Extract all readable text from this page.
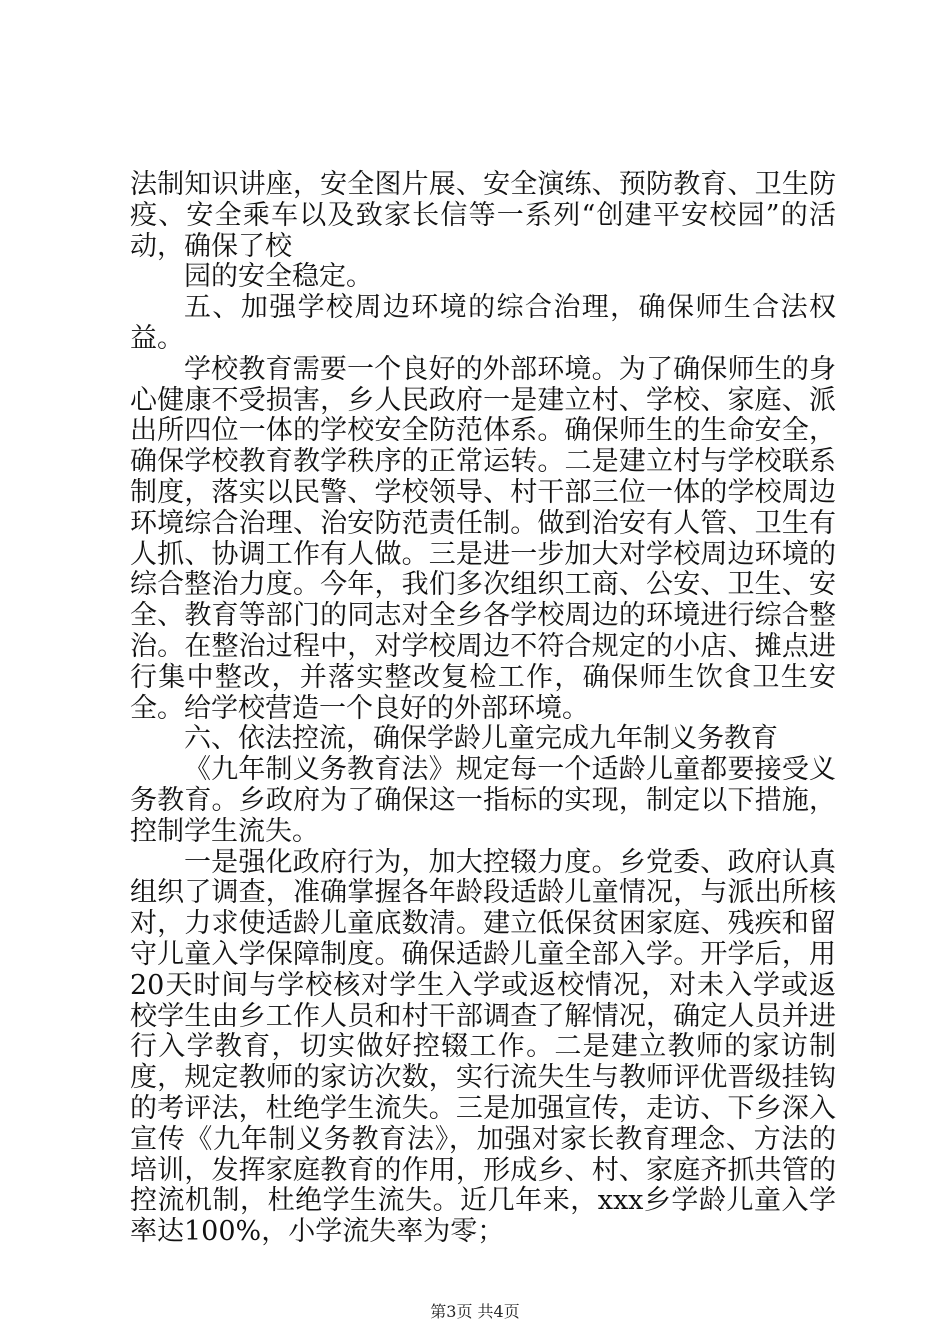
法制知识讲座，安全图片展、安全演练、预防教育、卫生防疫、安全乘车以及致家长信等一系列“创建平安校园”的活动，确保了校

园的安全稳定。

五、加强学校周边环境的综合治理，确保师生合法权益。

学校教育需要一个良好的外部环境。为了确保师生的身心健康不受损害，乡人民政府一是建立村、学校、家庭、派出所四位一体的学校安全防范体系。确保师生的生命安全，确保学校教育教学秩序的正常运转。二是建立村与学校联系制度，落实以民警、学校领导、村干部三位一体的学校周边环境综合治理、治安防范责任制。做到治安有人管、卫生有人抓、协调工作有人做。三是进一步加大对学校周边环境的综合整治力度。今年，我们多次组织工商、公安、卫生、安全、教育等部门的同志对全乡各学校周边的环境进行综合整治。在整治过程中，对学校周边不符合规定的小店、摊点进行集中整改，并落实整改复检工作，确保师生饮食卫生安全。给学校营造一个良好的外部环境。

六、依法控流，确保学龄儿童完成九年制义务教育

《九年制义务教育法》规定每一个适龄儿童都要接受义务教育。乡政府为了确保这一指标的实现，制定以下措施，控制学生流失。

一是强化政府行为，加大控辍力度。乡党委、政府认真组织了调查，准确掌握各年龄段适龄儿童情况，与派出所核对，力求使适龄儿童底数清。建立低保贫困家庭、残疾和留守儿童入学保障制度。确保适龄儿童全部入学。开学后，用20天时间与学校核对学生入学或返校情况，对未入学或返校学生由乡工作人员和村干部调查了解情况，确定人员并进行入学教育，切实做好控辍工作。二是建立教师的家访制度，规定教师的家访次数，实行流失生与教师评优晋级挂钩的考评法，杜绝学生流失。三是加强宣传，走访、下乡深入宣传《九年制义务教育法》，加强对家长教育理念、方法的培训，发挥家庭教育的作用，形成乡、村、家庭齐抓共管的控流机制，杜绝学生流失。近几年来，xxx乡学龄儿童入学率达100%，小学流失率为零；

第3页 共4页
